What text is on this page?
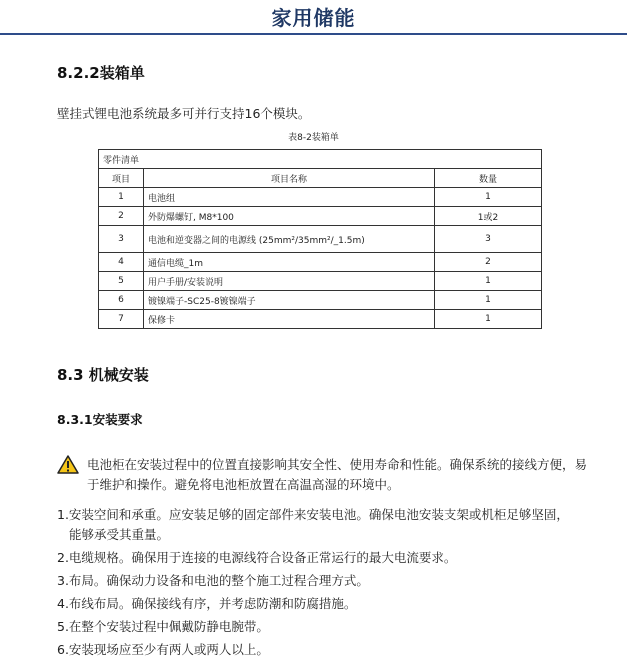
家用储能
8.2.2装箱单
壁挂式锂电池系统最多可并行支持16个模块。
表8-2装箱单
零件清单		
项目	项目名称	数量
1	电池组	1
2	外防爆螺钉, M8*100	1或2
3	电池和逆变器之间的电源线 (25mm²/35mm²/_1.5m)	3
4	通信电缆_1m	2
5	用户手册/安装说明	1
6	镀镍端子-SC25-8镀镍端子	1
7	保修卡	1
8.3 机械安装
8.3.1安装要求
电池柜在安装过程中的位置直接影响其安全性、使用寿命和性能。确保系统的接线方便，易于维护和操作。避免将电池柜放置在高温高湿的环境中。
1.安装空间和承重。应安装足够的固定部件来安装电池。确保电池安装支架或机柜足够坚固，
能够承受其重量。
2.电缆规格。确保用于连接的电源线符合设备正常运行的最大电流要求。
3.布局。确保动力设备和电池的整个施工过程合理方式。
4.布线布局。确保接线有序，并考虑防潮和防腐措施。
5.在整个安装过程中佩戴防静电腕带。
6.安装现场应至少有两人或两人以上。
